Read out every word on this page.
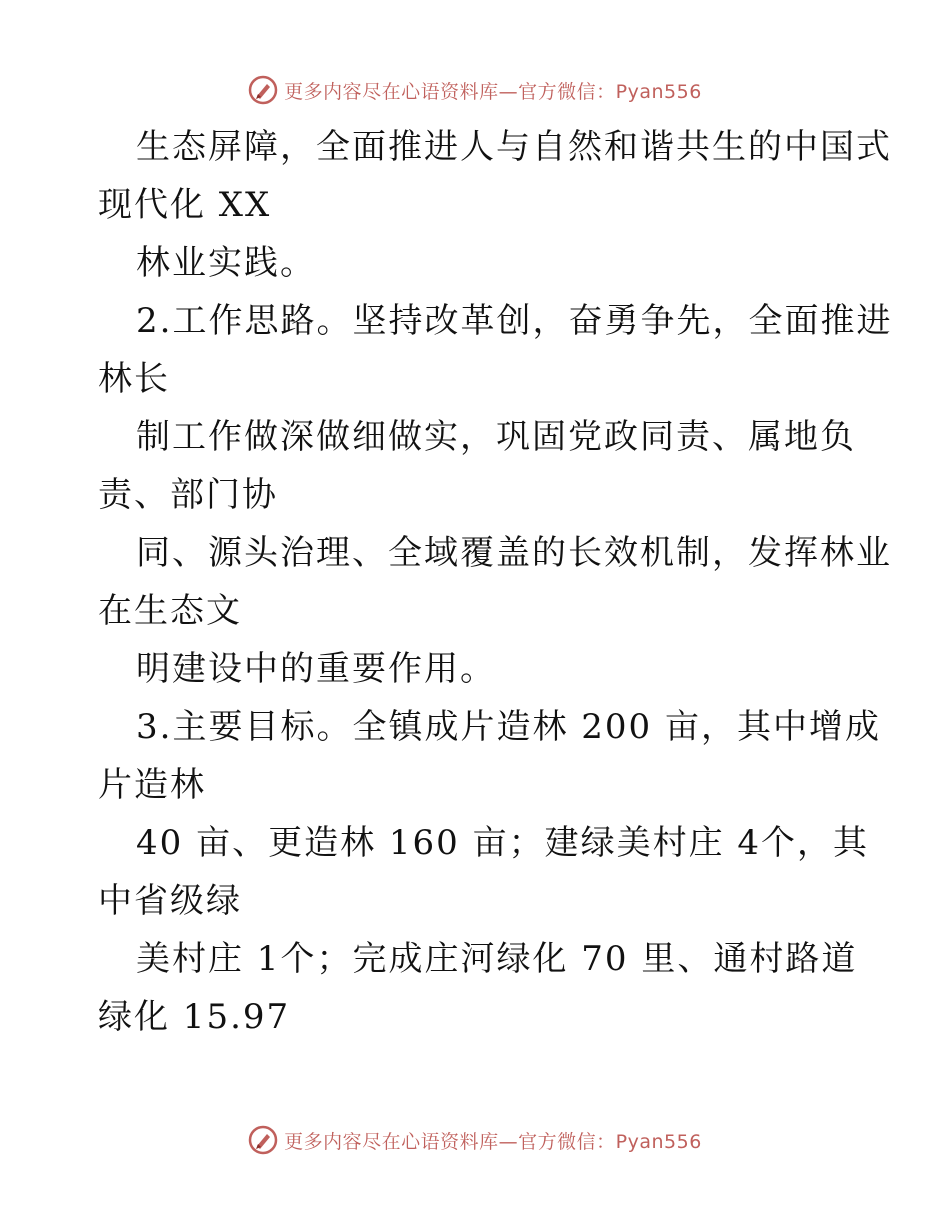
更多内容尽在心语资料库—官方微信：Pyan556
生态屏障，全面推进人与自然和谐共生的中国式
现代化 XX
林业实践。
2.工作思路。坚持改革创，奋勇争先，全面推进
林长
制工作做深做细做实，巩固党政同责、属地负
责、部门协
同、源头治理、全域覆盖的长效机制，发挥林业
在生态文
明建设中的重要作用。
3.主要目标。全镇成片造林 200 亩，其中增成
片造林
40 亩、更造林 160 亩；建绿美村庄 4个，其
中省级绿
美村庄 1个；完成庄河绿化 70 里、通村路道
绿化 15.97
更多内容尽在心语资料库—官方微信：Pyan556
